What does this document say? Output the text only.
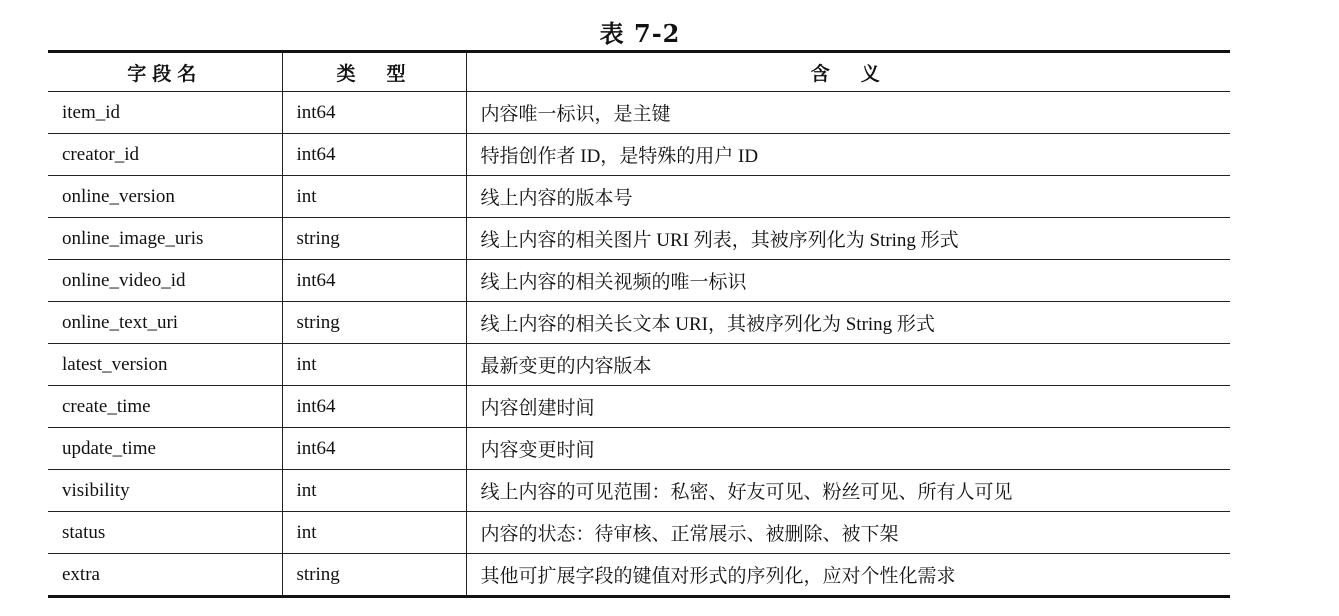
表 7-2
字段名	类　型	含　义
item_id	int64	内容唯一标识，是主键
creator_id	int64	特指创作者 ID，是特殊的用户 ID
online_version	int	线上内容的版本号
online_image_uris	string	线上内容的相关图片 URI 列表，其被序列化为 String 形式
online_video_id	int64	线上内容的相关视频的唯一标识
online_text_uri	string	线上内容的相关长文本 URI，其被序列化为 String 形式
latest_version	int	最新变更的内容版本
create_time	int64	内容创建时间
update_time	int64	内容变更时间
visibility	int	线上内容的可见范围：私密、好友可见、粉丝可见、所有人可见
status	int	内容的状态：待审核、正常展示、被删除、被下架
extra	string	其他可扩展字段的键值对形式的序列化，应对个性化需求
